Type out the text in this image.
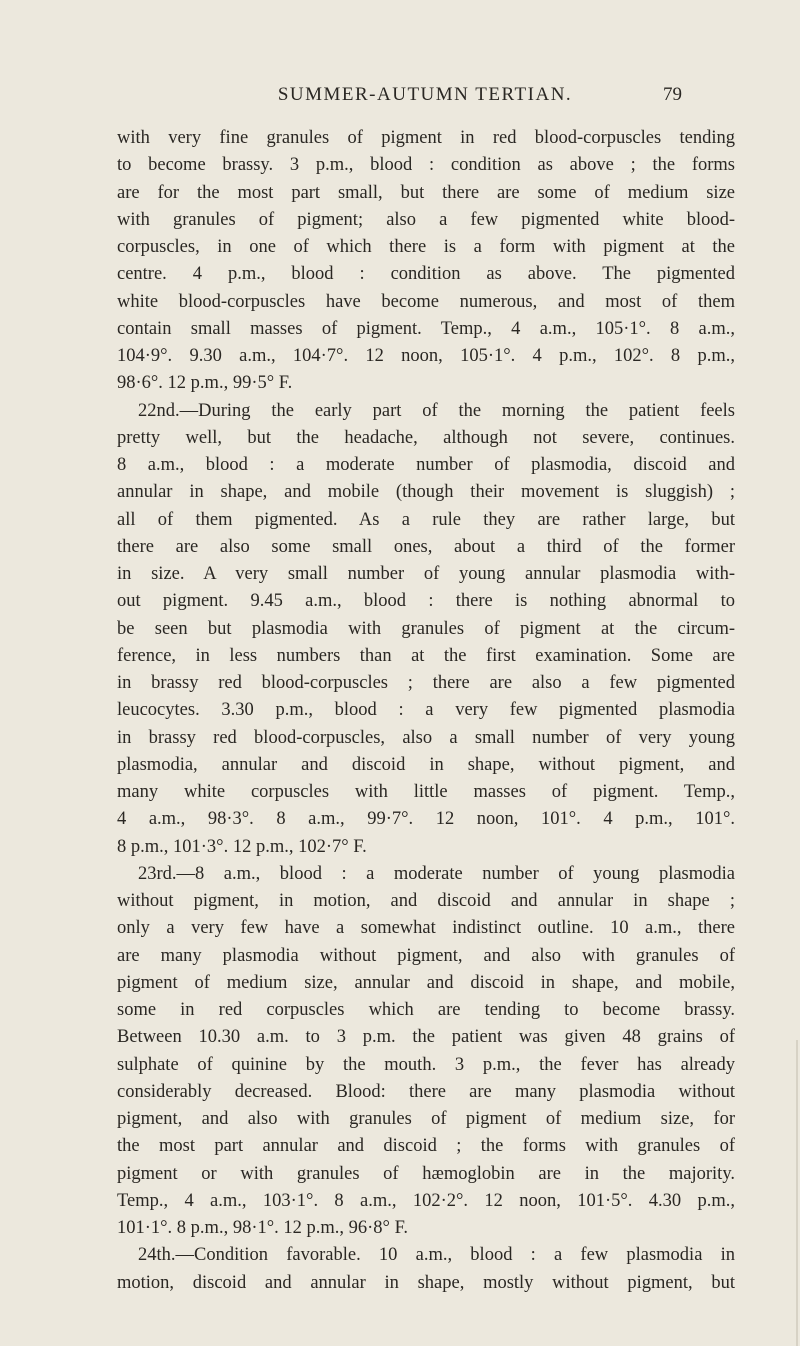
SUMMER-AUTUMN TERTIAN.	79
with very fine granules of pigment in red blood-corpuscles tending
to become brassy. 3 p.m., blood : condition as above ; the forms
are for the most part small, but there are some of medium size
with granules of pigment; also a few pigmented white blood-
corpuscles, in one of which there is a form with pigment at the
centre. 4 p.m., blood : condition as above. The pigmented
white blood-corpuscles have become numerous, and most of them
contain small masses of pigment. Temp., 4 a.m., 105·1°. 8 a.m.,
104·9°. 9.30 a.m., 104·7°. 12 noon, 105·1°. 4 p.m., 102°. 8 p.m.,
98·6°. 12 p.m., 99·5° F.
22nd.—During the early part of the morning the patient feels
pretty well, but the headache, although not severe, continues.
8 a.m., blood : a moderate number of plasmodia, discoid and
annular in shape, and mobile (though their movement is sluggish) ;
all of them pigmented. As a rule they are rather large, but
there are also some small ones, about a third of the former
in size. A very small number of young annular plasmodia with-
out pigment. 9.45 a.m., blood : there is nothing abnormal to
be seen but plasmodia with granules of pigment at the circum-
ference, in less numbers than at the first examination. Some are
in brassy red blood-corpuscles ; there are also a few pigmented
leucocytes. 3.30 p.m., blood : a very few pigmented plasmodia
in brassy red blood-corpuscles, also a small number of very young
plasmodia, annular and discoid in shape, without pigment, and
many white corpuscles with little masses of pigment. Temp.,
4 a.m., 98·3°. 8 a.m., 99·7°. 12 noon, 101°. 4 p.m., 101°.
8 p.m., 101·3°. 12 p.m., 102·7° F.
23rd.—8 a.m., blood : a moderate number of young plasmodia
without pigment, in motion, and discoid and annular in shape ;
only a very few have a somewhat indistinct outline. 10 a.m., there
are many plasmodia without pigment, and also with granules of
pigment of medium size, annular and discoid in shape, and mobile,
some in red corpuscles which are tending to become brassy.
Between 10.30 a.m. to 3 p.m. the patient was given 48 grains of
sulphate of quinine by the mouth. 3 p.m., the fever has already
considerably decreased. Blood: there are many plasmodia without
pigment, and also with granules of pigment of medium size, for
the most part annular and discoid ; the forms with granules of
pigment or with granules of hæmoglobin are in the majority.
Temp., 4 a.m., 103·1°. 8 a.m., 102·2°. 12 noon, 101·5°. 4.30 p.m.,
101·1°. 8 p.m., 98·1°. 12 p.m., 96·8° F.
24th.—Condition favorable. 10 a.m., blood : a few plasmodia in
motion, discoid and annular in shape, mostly without pigment, but
